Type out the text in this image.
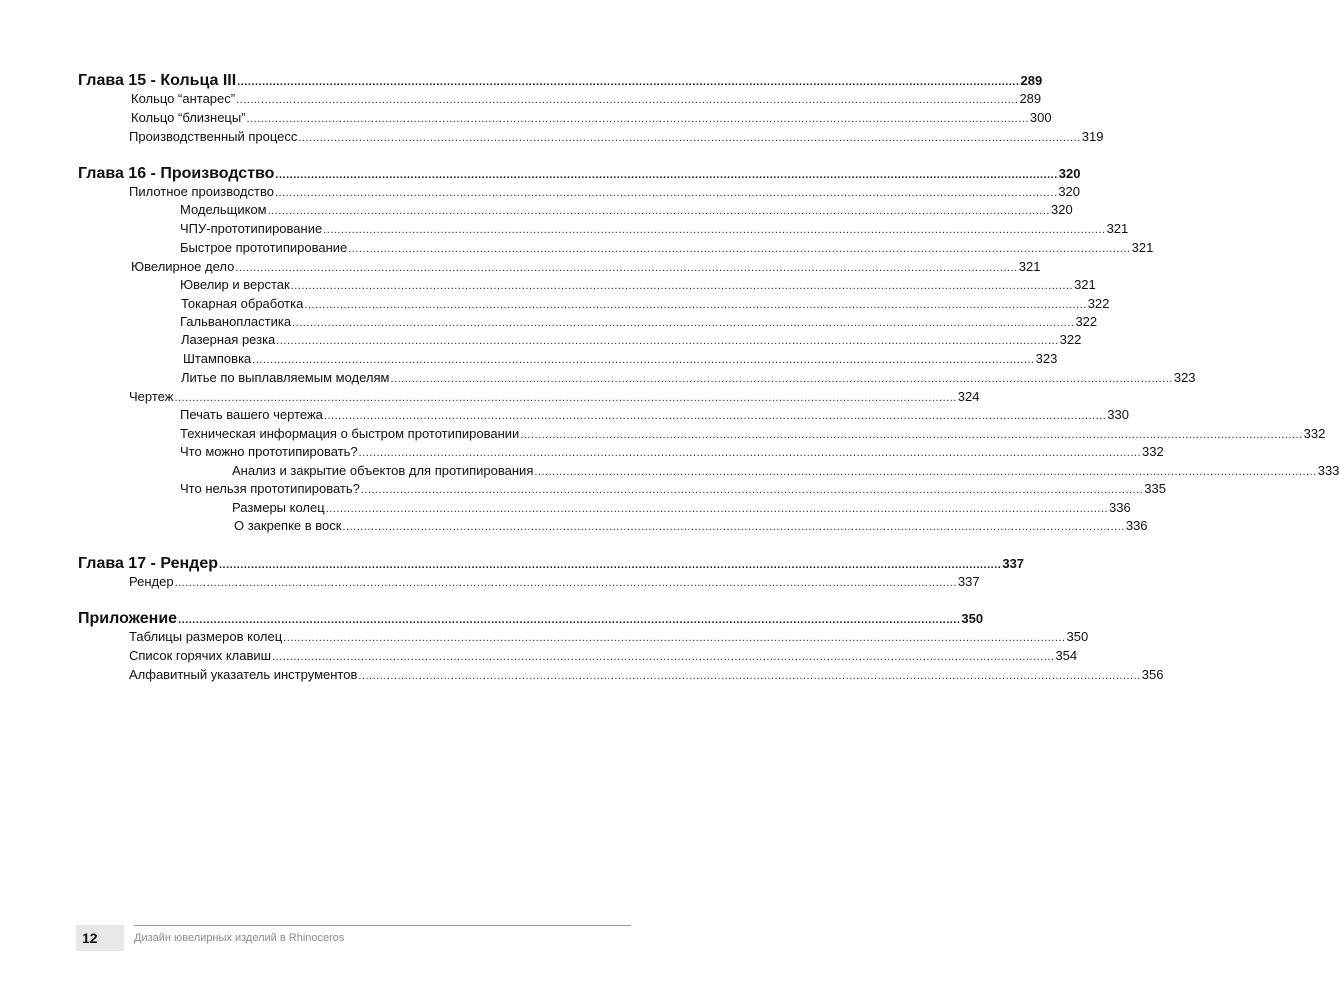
Глава 15 - Кольца III ............................................................................................................................................................................................................................ 289
Кольцо “антарес” ............................................................................................................................................................................................................................ 289
Кольцо “близнецы” ............................................................................................................................................................................................................................ 300
Производственный процесс ............................................................................................................................................................................................................................ 319
Глава 16 - Производство ............................................................................................................................................................................................................................ 320
Пилотное производство ............................................................................................................................................................................................................................ 320
Модельщиком ............................................................................................................................................................................................................................ 320
ЧПУ-прототипирование ............................................................................................................................................................................................................................ 321
Быстрое прототипирование ............................................................................................................................................................................................................................ 321
Ювелирное дело ............................................................................................................................................................................................................................ 321
Ювелир и верстак ............................................................................................................................................................................................................................ 321
Токарная обработка ............................................................................................................................................................................................................................ 322
Гальванопластика ............................................................................................................................................................................................................................ 322
Лазерная резка ............................................................................................................................................................................................................................ 322
Штамповка ............................................................................................................................................................................................................................ 323
Литье по выплавляемым моделям ............................................................................................................................................................................................................................ 323
Чертеж ............................................................................................................................................................................................................................ 324
Печать вашего чертежа ............................................................................................................................................................................................................................ 330
Техническая информация о быстром прототипировании ............................................................................................................................................................................................................................ 332
Что можно прототипировать? ............................................................................................................................................................................................................................ 332
Анализ и закрытие объектов для протипирования ............................................................................................................................................................................................................................ 333
Что нельзя прототипировать? ............................................................................................................................................................................................................................ 335
Размеры колец ............................................................................................................................................................................................................................ 336
О закрепке в воск ............................................................................................................................................................................................................................ 336
Глава 17 - Рендер ............................................................................................................................................................................................................................ 337
Рендер ............................................................................................................................................................................................................................ 337
Приложение ............................................................................................................................................................................................................................ 350
Таблицы размеров колец ............................................................................................................................................................................................................................ 350
Список горячих клавиш ............................................................................................................................................................................................................................ 354
Алфавитный указатель инструментов ............................................................................................................................................................................................................................ 356
12	Дизайн ювелирных изделий в Rhinoceros
